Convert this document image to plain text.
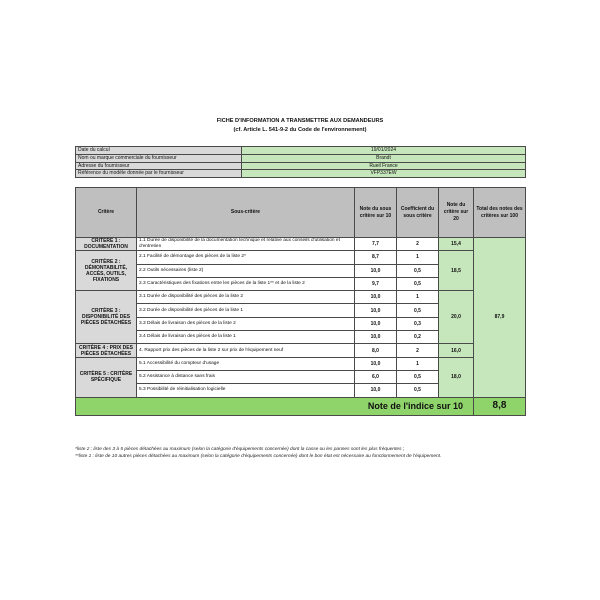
FICHE D'INFORMATION A TRANSMETTRE AUX DEMANDEURS
(cf. Article L. 541-9-2 du Code de l'environnement)
Date du calcul	19/01/2024
Nom ou marque commerciale du fournisseur	Brandt
Adresse du fournisseur	Rueil France
Référence du modèle donnée par le fournisseur	VFP337EW
Critère	Sous-critère	Note du sous critère sur 10	Coefficient du sous critère	Note du critère sur 20	Total des notes des critères sur 100
CRITÈRE 1 : DOCUMENTATION	1.1 Durée de disponibilité de la documentation technique et relative aux conseils d'utilisation et d'entretien	7,7	2	15,4	87,9
CRITÈRE 2 : DÉMONTABILITÉ, ACCÈS, OUTILS, FIXATIONS	2.1 Facilité de démontage des pièces de la liste 2*	8,7	1	18,5	
	2.2 Outils nécessaires (liste 2)	10,0	0,5		
	2.3 Caractéristiques des fixations entre les pièces de la liste 1** et de la liste 2	9,7	0,5		
CRITÈRE 3 : DISPONIBILITÉ DES PIÈCES DÉTACHÉES	3.1 Durée de disponibilité des pièces de la liste 2	10,0	1	20,0	
	3.2 Durée de disponibilité des pièces de la liste 1	10,0	0,5		
	3.3 Délais de livraison des pièces de la liste 2	10,0	0,3		
	3.4 Délais de livraison des pièces de la liste 1	10,0	0,2		
CRITÈRE 4 : PRIX DES PIÈCES DÉTACHÉES	4. Rapport prix des pièces de la liste 2 sur prix de l'équipement neuf	8,0	2	16,0	
CRITÈRE 5 : CRITÈRE SPÉCIFIQUE	5.1 Accessibilité du compteur d'usage	10,0	1	18,0	
	5.2 Assistance à distance sans frais	6,0	0,5		
	5.3 Possibilité de réinitialisation logicielle	10,0	0,5		
Note de l'indice sur 10					8,8
*liste 2 : liste des 3 à 5 pièces détachées au maximum (selon la catégorie d'équipements concernée) dont la casse ou les pannes sont les plus fréquentes ;
**liste 1 : liste de 10 autres pièces détachées au maximum (selon la catégorie d'équipements concernée) dont le bon état est nécessaire au fonctionnement de l'équipement.
